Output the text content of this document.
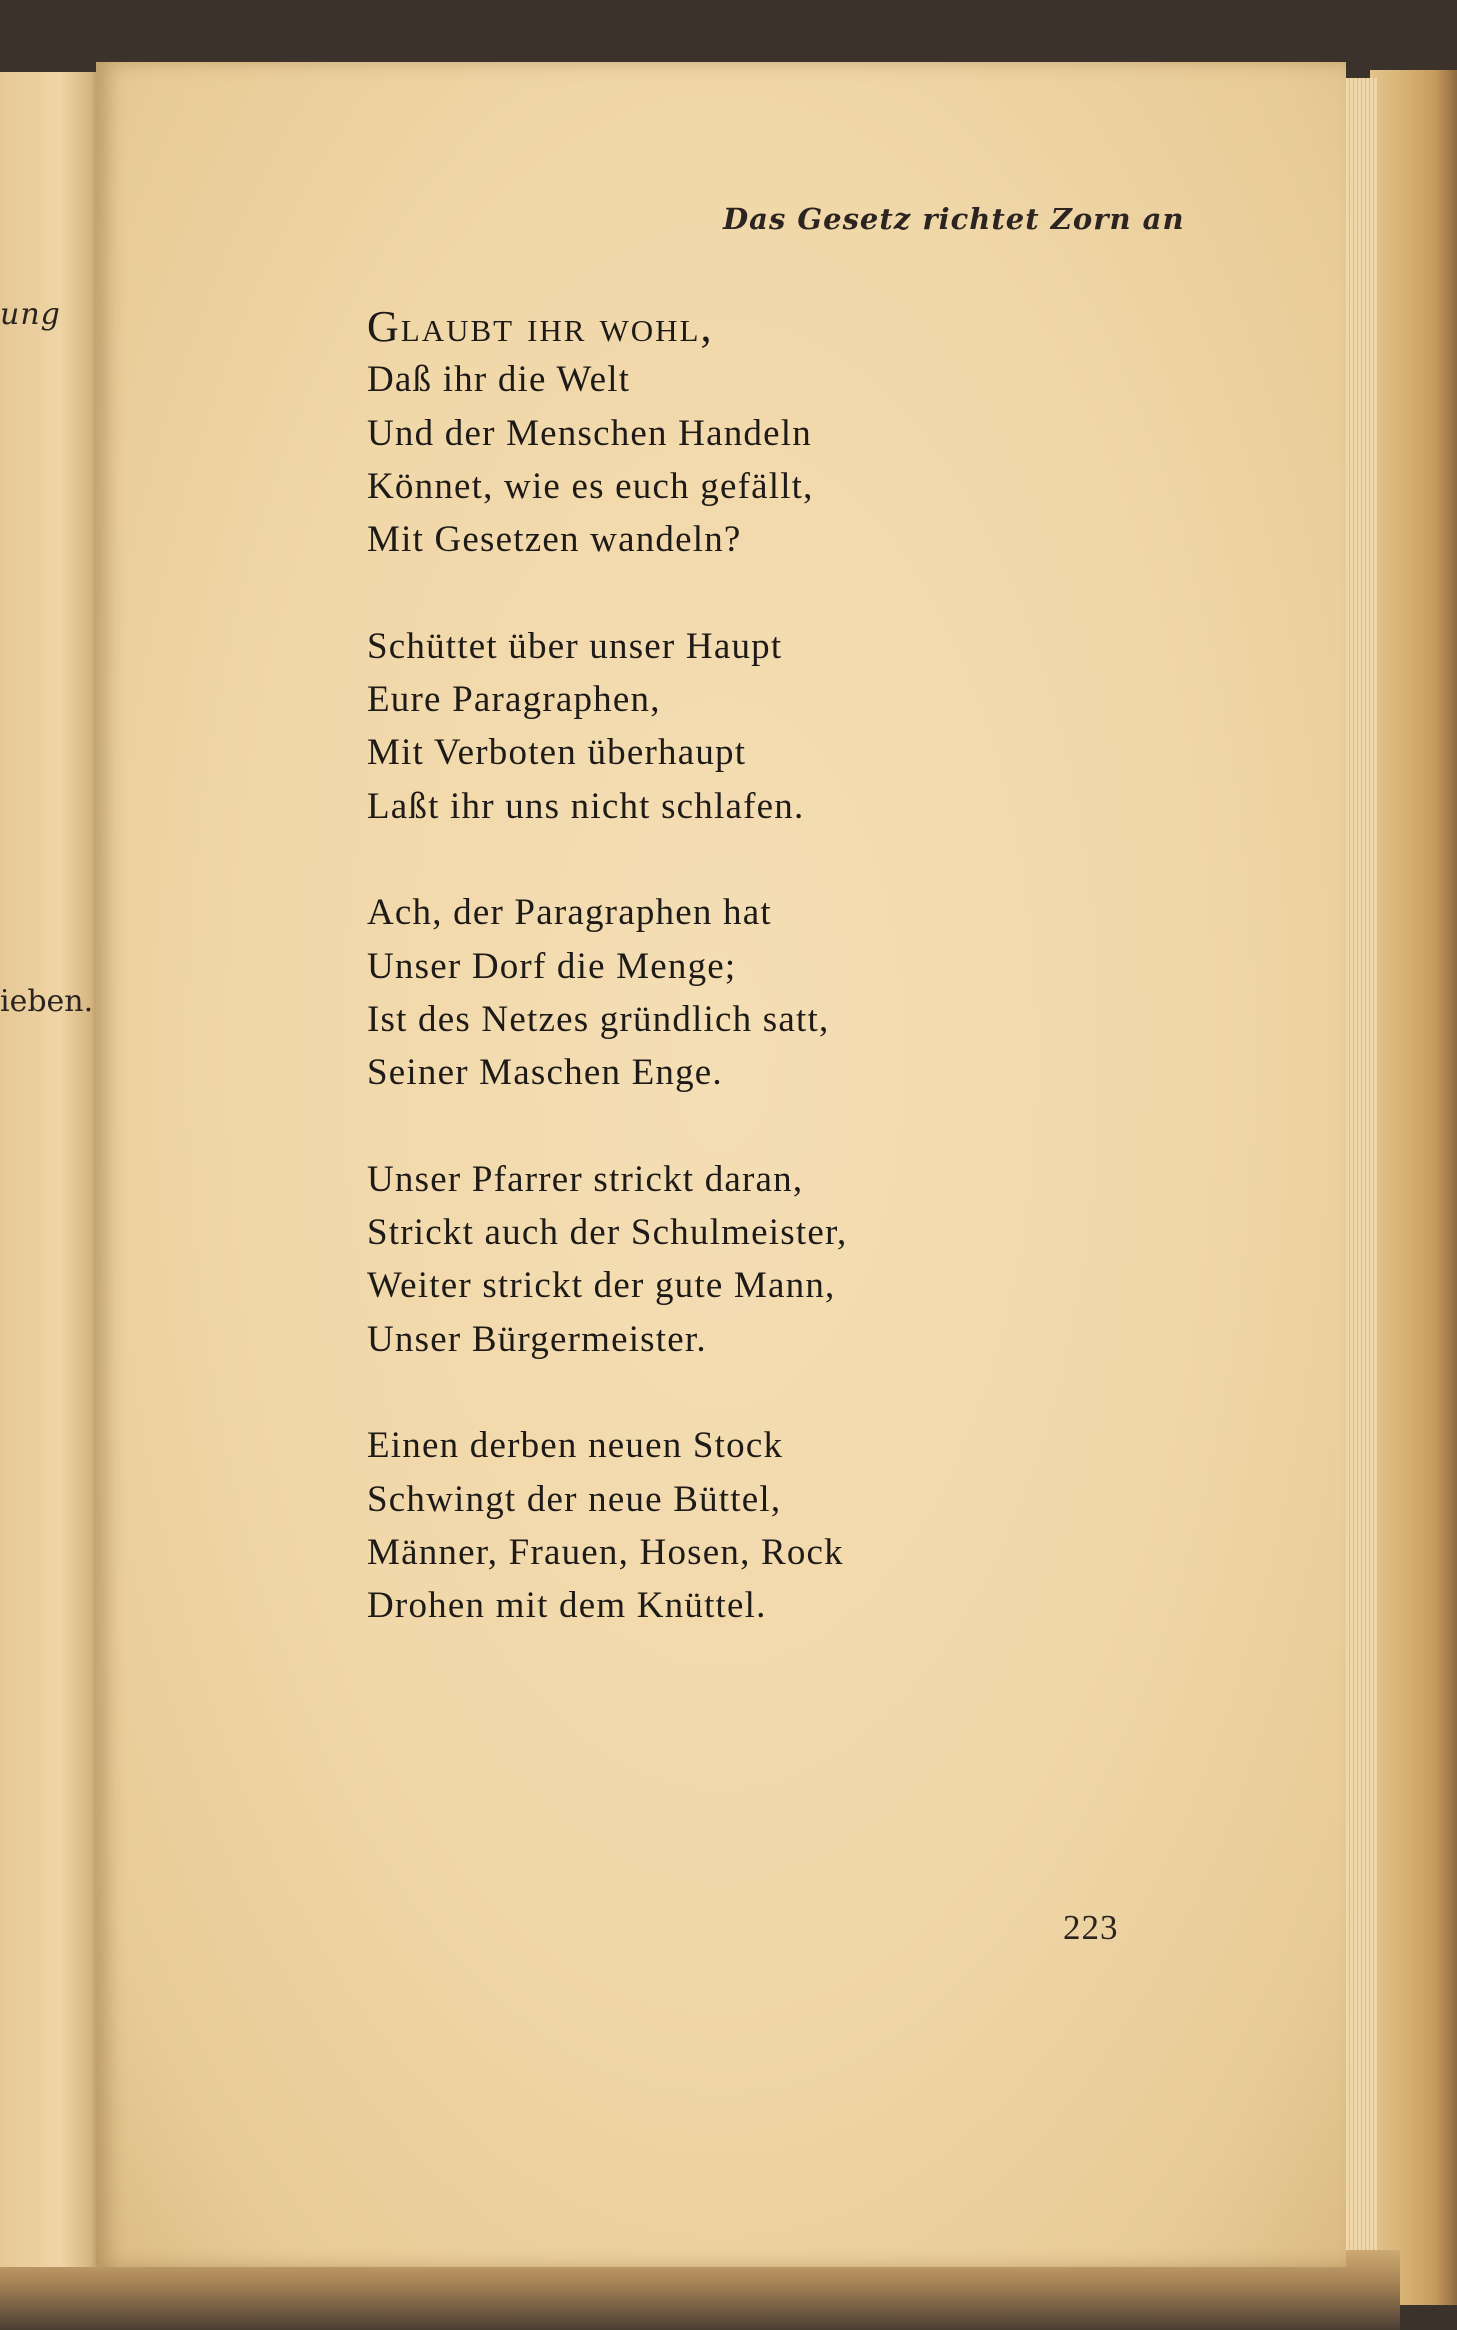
ung
ieben.
Das Gesetz richtet Zorn an
Glaubt ihr wohl,
Daß ihr die Welt
Und der Menschen Handeln
Könnet, wie es euch gefällt,
Mit Gesetzen wandeln?
Schüttet über unser Haupt
Eure Paragraphen,
Mit Verboten überhaupt
Laßt ihr uns nicht schlafen.
Ach, der Paragraphen hat
Unser Dorf die Menge;
Ist des Netzes gründlich satt,
Seiner Maschen Enge.
Unser Pfarrer strickt daran,
Strickt auch der Schulmeister,
Weiter strickt der gute Mann,
Unser Bürgermeister.
Einen derben neuen Stock
Schwingt der neue Büttel,
Männer, Frauen, Hosen, Rock
Drohen mit dem Knüttel.
223
